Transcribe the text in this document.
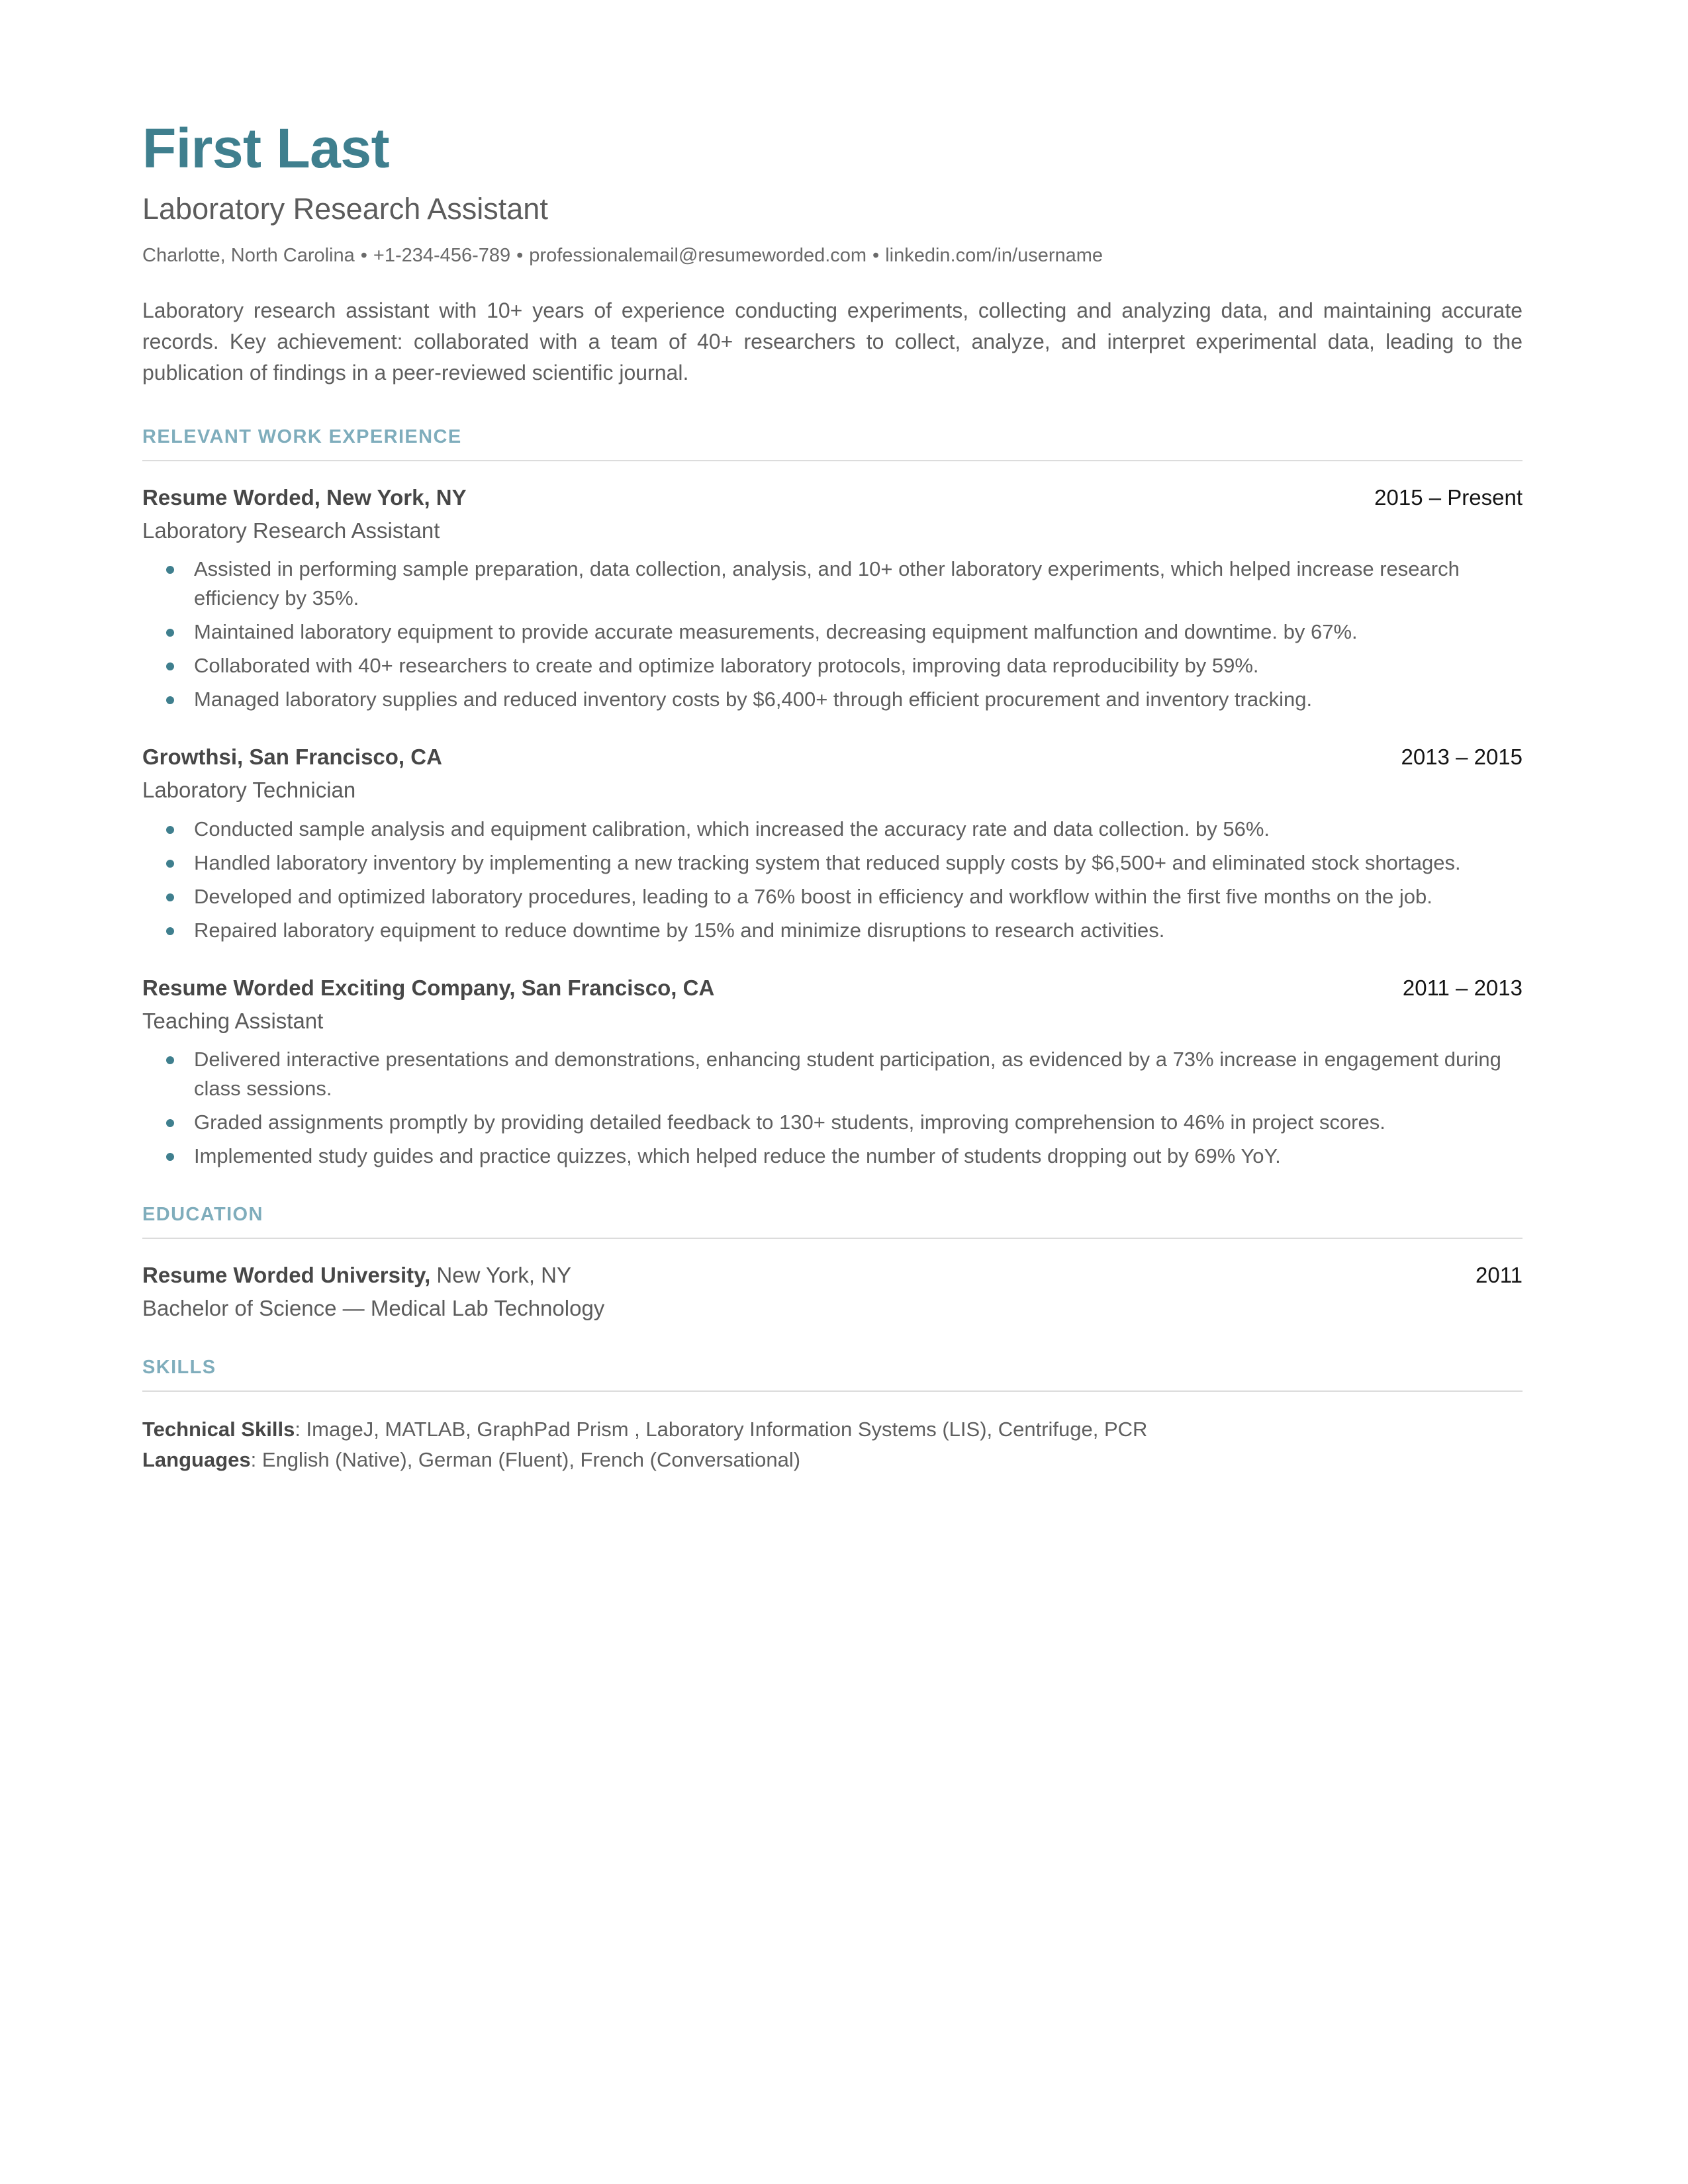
First Last
Laboratory Research Assistant
Charlotte, North Carolina • +1-234-456-789 • professionalemail@resumeworded.com • linkedin.com/in/username

Laboratory research assistant with 10+ years of experience conducting experiments, collecting and analyzing data, and maintaining accurate records. Key achievement: collaborated with a team of 40+ researchers to collect, analyze, and interpret experimental data, leading to the publication of findings in a peer-reviewed scientific journal.

RELEVANT WORK EXPERIENCE
Resume Worded, New York, NY	2015 – Present
Laboratory Research Assistant
Assisted in performing sample preparation, data collection, analysis, and 10+ other laboratory experiments, which helped increase research efficiency by 35%.
Maintained laboratory equipment to provide accurate measurements, decreasing equipment malfunction and downtime. by 67%.
Collaborated with 40+ researchers to create and optimize laboratory protocols, improving data reproducibility by 59%.
Managed laboratory supplies and reduced inventory costs by $6,400+ through efficient procurement and inventory tracking.
Growthsi, San Francisco, CA	2013 – 2015
Laboratory Technician
Conducted sample analysis and equipment calibration, which increased the accuracy rate and data collection. by 56%.
Handled laboratory inventory by implementing a new tracking system that reduced supply costs by $6,500+ and eliminated stock shortages.
Developed and optimized laboratory procedures, leading to a 76% boost in efficiency and workflow within the first five months on the job.
Repaired laboratory equipment to reduce downtime by 15% and minimize disruptions to research activities.
Resume Worded Exciting Company, San Francisco, CA	2011 – 2013
Teaching Assistant
Delivered interactive presentations and demonstrations, enhancing student participation, as evidenced by a 73% increase in engagement during class sessions.
Graded assignments promptly by providing detailed feedback to 130+ students, improving comprehension to 46% in project scores.
Implemented study guides and practice quizzes, which helped reduce the number of students dropping out by 69% YoY.
EDUCATION
Resume Worded University, New York, NY	2011
Bachelor of Science — Medical Lab Technology
SKILLS
Technical Skills: ImageJ, MATLAB, GraphPad Prism , Laboratory Information Systems (LIS), Centrifuge, PCR
Languages: English (Native), German (Fluent), French (Conversational)
